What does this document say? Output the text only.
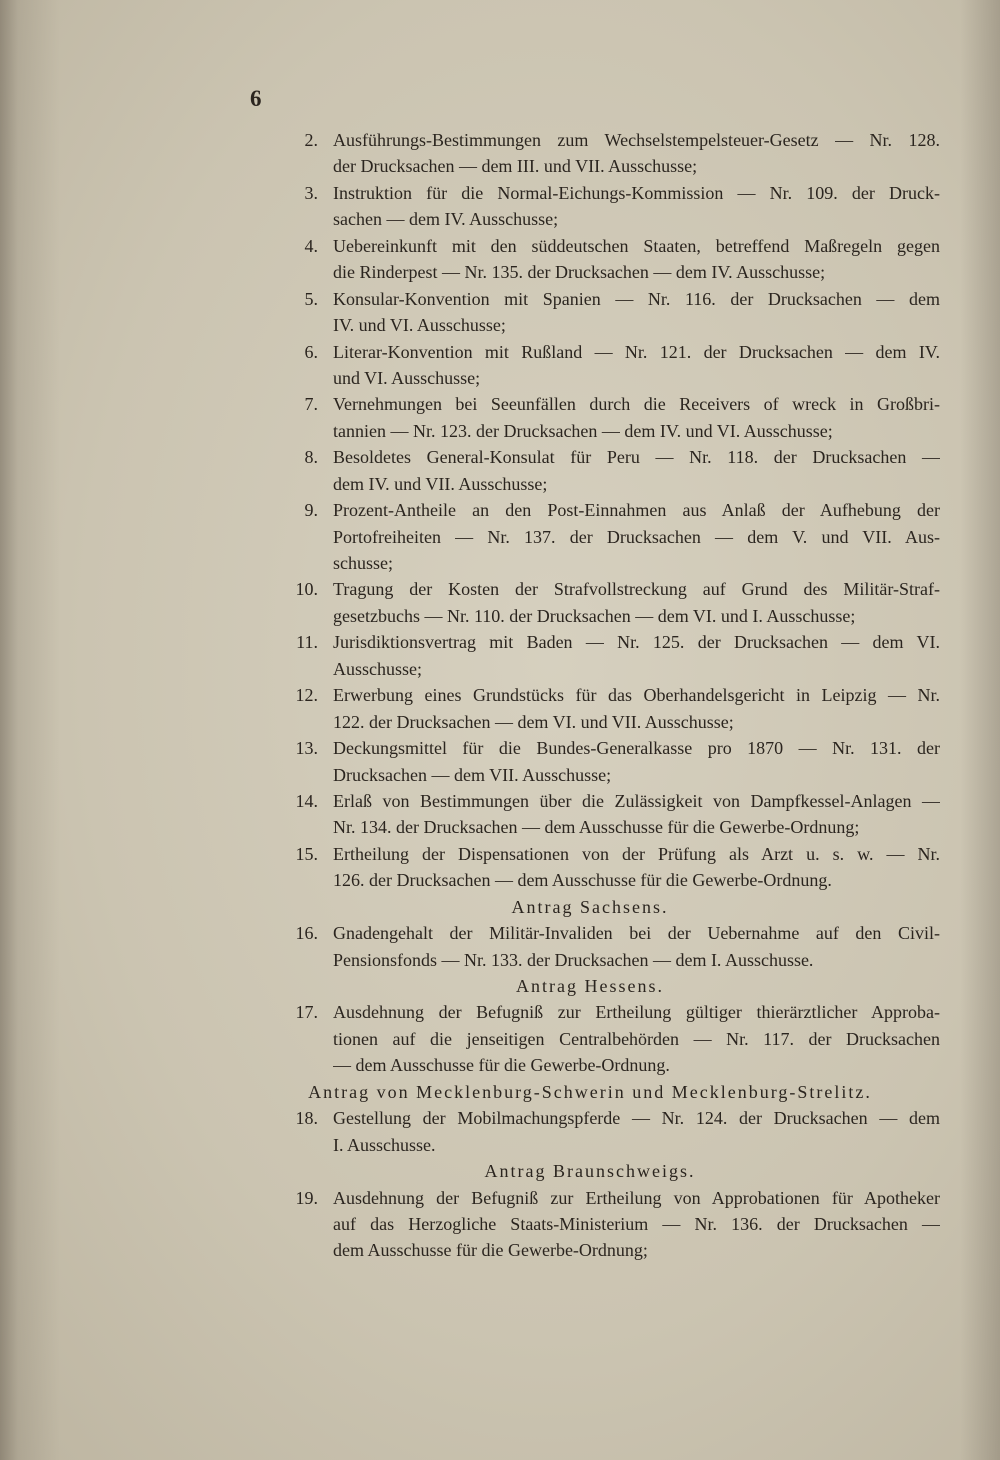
6
2. Ausführungs-Bestimmungen zum Wechselstempelsteuer-Gesetz — Nr. 128.
der Drucksachen — dem III. und VII. Ausschusse;
3. Instruktion für die Normal-Eichungs-Kommission — Nr. 109. der Druck-
sachen — dem IV. Ausschusse;
4. Uebereinkunft mit den süddeutschen Staaten, betreffend Maßregeln gegen
die Rinderpest — Nr. 135. der Drucksachen — dem IV. Ausschusse;
5. Konsular-Konvention mit Spanien — Nr. 116. der Drucksachen — dem
IV. und VI. Ausschusse;
6. Literar-Konvention mit Rußland — Nr. 121. der Drucksachen — dem IV.
und VI. Ausschusse;
7. Vernehmungen bei Seeunfällen durch die Receivers of wreck in Großbri-
tannien — Nr. 123. der Drucksachen — dem IV. und VI. Ausschusse;
8. Besoldetes General-Konsulat für Peru — Nr. 118. der Drucksachen —
dem IV. und VII. Ausschusse;
9. Prozent-Antheile an den Post-Einnahmen aus Anlaß der Aufhebung der
Portofreiheiten — Nr. 137. der Drucksachen — dem V. und VII. Aus-
schusse;
10. Tragung der Kosten der Strafvollstreckung auf Grund des Militär-Straf-
gesetzbuchs — Nr. 110. der Drucksachen — dem VI. und I. Ausschusse;
11. Jurisdiktionsvertrag mit Baden — Nr. 125. der Drucksachen — dem VI.
Ausschusse;
12. Erwerbung eines Grundstücks für das Oberhandelsgericht in Leipzig — Nr.
122. der Drucksachen — dem VI. und VII. Ausschusse;
13. Deckungsmittel für die Bundes-Generalkasse pro 1870 — Nr. 131. der
Drucksachen — dem VII. Ausschusse;
14. Erlaß von Bestimmungen über die Zulässigkeit von Dampfkessel-Anlagen —
Nr. 134. der Drucksachen — dem Ausschusse für die Gewerbe-Ordnung;
15. Ertheilung der Dispensationen von der Prüfung als Arzt u. s. w. — Nr.
126. der Drucksachen — dem Ausschusse für die Gewerbe-Ordnung.
Antrag Sachsens.
16. Gnadengehalt der Militär-Invaliden bei der Uebernahme auf den Civil-
Pensionsfonds — Nr. 133. der Drucksachen — dem I. Ausschusse.
Antrag Hessens.
17. Ausdehnung der Befugniß zur Ertheilung gültiger thierärztlicher Approba-
tionen auf die jenseitigen Centralbehörden — Nr. 117. der Drucksachen
— dem Ausschusse für die Gewerbe-Ordnung.
Antrag von Mecklenburg-Schwerin und Mecklenburg-Strelitz.
18. Gestellung der Mobilmachungspferde — Nr. 124. der Drucksachen — dem
I. Ausschusse.
Antrag Braunschweigs.
19. Ausdehnung der Befugniß zur Ertheilung von Approbationen für Apotheker
auf das Herzogliche Staats-Ministerium — Nr. 136. der Drucksachen —
dem Ausschusse für die Gewerbe-Ordnung;
